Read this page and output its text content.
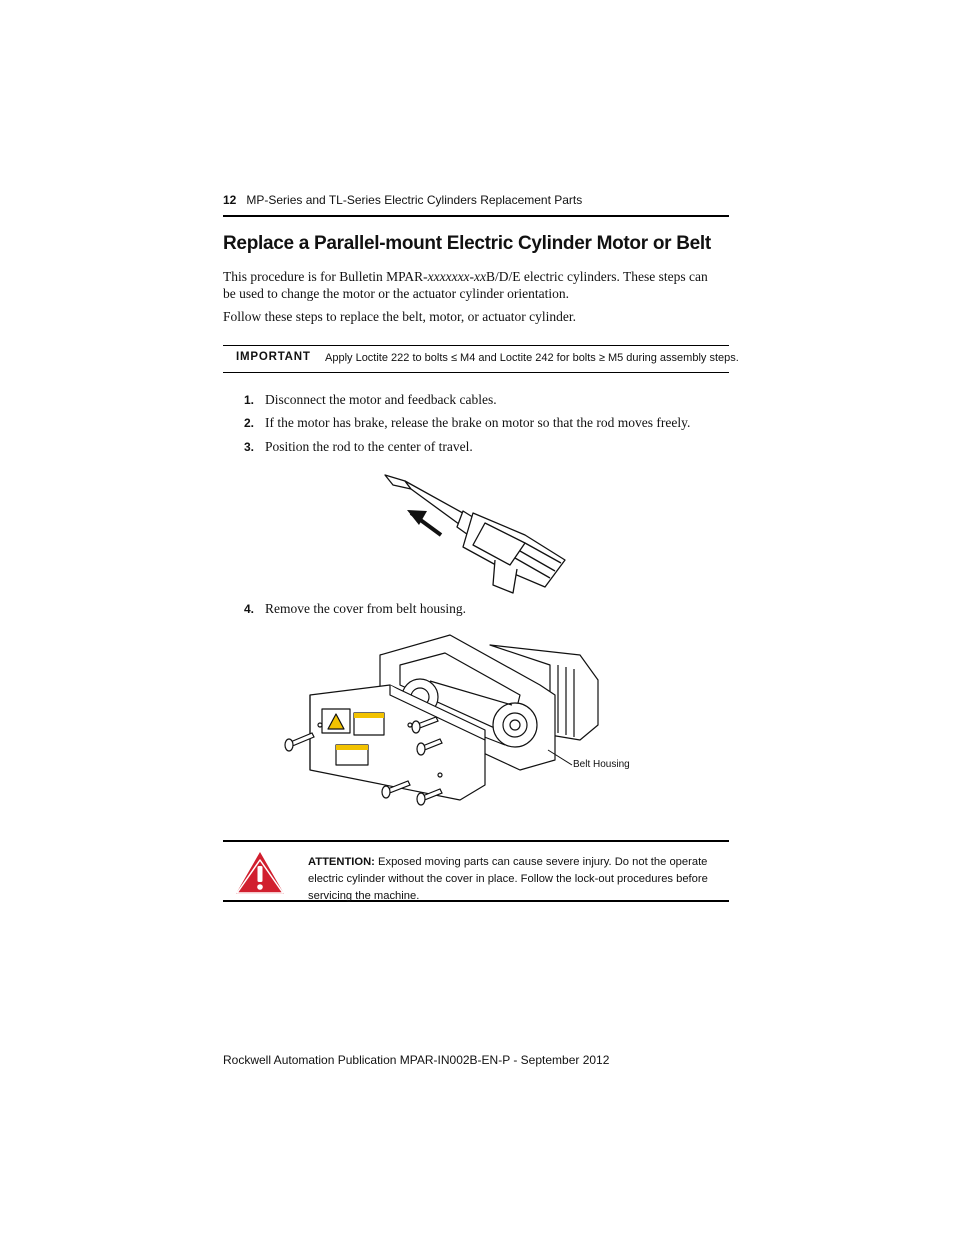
12 MP-Series and TL-Series Electric Cylinders Replacement Parts
Replace a Parallel-mount Electric Cylinder Motor or Belt

This procedure is for Bulletin MPAR-xxxxxxx-xxB/D/E electric cylinders. These steps can be used to change the motor or the actuator cylinder orientation.

Follow these steps to replace the belt, motor, or actuator cylinder.

IMPORTANT Apply Loctite 222 to bolts ≤ M4 and Loctite 242 for bolts ≥ M5 during assembly steps.
1. Disconnect the motor and feedback cables.
2. If the motor has brake, release the brake on motor so that the rod moves freely.
3. Position the rod to the center of travel.
4. Remove the cover from belt housing.
Belt Housing
ATTENTION: Exposed moving parts can cause severe injury. Do not the operate electric cylinder without the cover in place. Follow the lock-out procedures before servicing the machine.
Rockwell Automation Publication MPAR-IN002B-EN-P - September 2012
